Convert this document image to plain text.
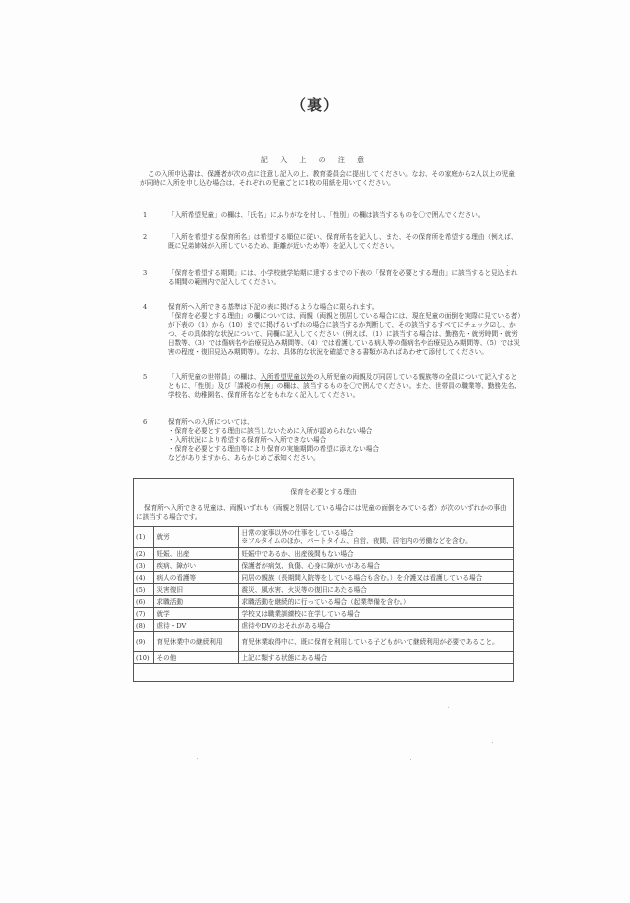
（裏）
記 入 上 の 注 意
この入所申込書は、保護者が次の点に注意し記入の上、教育委員会に提出してください。なお、その家庭から2人以上の児童が同時に入所を申し込む場合は、それぞれの児童ごとに1枚の用紙を用いてください。
1	「入所希望児童」の欄は、「氏名」にふりがなを付し、「性別」の欄は該当するものを〇で囲んでください。

2	「入所を希望する保育所名」は希望する順位に従い、保育所名を記入し、また、その保育所を希望する理由（例えば、既に兄弟姉妹が入所しているため、距離が近いため等）を記入してください。

3	「保育を希望する期間」には、小学校就学始期に達するまでの下表の「保育を必要とする理由」に該当すると見込まれる期間の範囲内で記入してください。

4	保育所へ入所できる基準は下記の表に掲げるような場合に限られます。

「保育を必要とする理由」の欄については、両親（両親と別居している場合には、現在児童の面倒を実際に見ている者）が下表の（1）から（10）までに掲げるいずれの場合に該当するか判断して、その該当するすべてにチェック☑し、かつ、その具体的な状況について、同欄に記入してください（例えば、（1）に該当する場合は、勤務先・就労時間・就労日数等、（3）では傷病名や治療見込み期間等、（4）では看護している病人等の傷病名や治療見込み期間等、（5）では災害の程度・復旧見込み期間等）。なお、具体的な状況を確認できる書類があればあわせて添付してください。

5	「入所児童の世帯員」の欄は、入所希望児童以外の入所児童の両親及び同居している親族等の全員について記入するとともに、「性別」及び「課税の有無」の欄は、該当するものを〇で囲んでください。また、世帯員の職業等、勤務先名、学校名、幼稚園名、保育所名などをもれなく記入してください。

6	保育所への入所については、

・保育を必要とする理由に該当しないために入所が認められない場合

・入所状況により希望する保育所へ入所できない場合

・保育を必要とする理由等により保育の実施期間の希望に添えない場合

などがありますから、あらかじめご承知ください。

保育を必要とする理由
保育所へ入所できる児童は、両親いずれも（両親と別居している場合には児童の面倒をみている者）が次のいずれかの事由に該当する場合です。
(1)	就労	日常の家事以外の仕事をしている場合
※フルタイムのほか、パートタイム、自営、夜間、居宅内の労働などを含む。

(2)	妊娠、出産	妊娠中であるか、出産後間もない場合
(3)	疾病、障がい	保護者が病気、負傷、心身に障がいがある場合
(4)	病人の看護等	同居の親族（長期間入院等をしている場合も含む。）を介護又は看護している場合
(5)	災害復旧	震災、風水害、火災等の復旧にあたる場合
(6)	求職活動	求職活動を継続的に行っている場合（起業準備を含む。）
(7)	就学	学校又は職業訓練校に在学している場合
(8)	虐待・DV	虐待やDVのおそれがある場合
(9)	育児休業中の継続利用	育児休業取得中に、既に保育を利用している子どもがいて継続利用が必要であること。
(10)	その他	上記に類する状態にある場合
